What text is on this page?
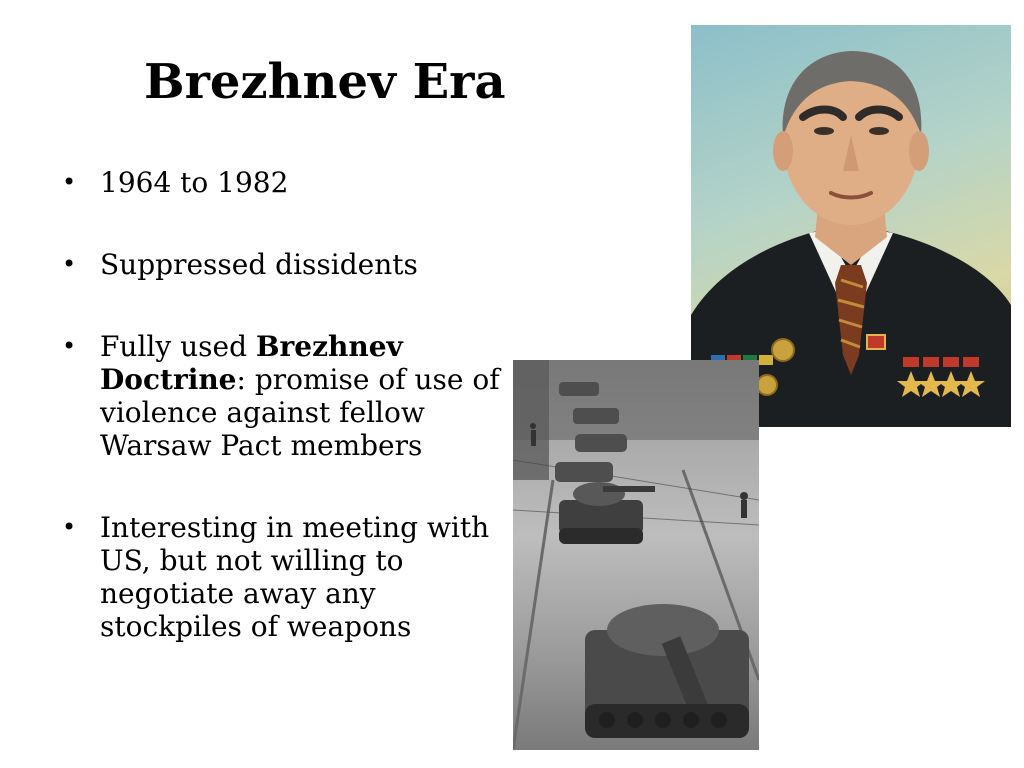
Brezhnev Era
• 1964 to 1982
• Suppressed dissidents
• Fully used Brezhnev Doctrine: promise of use of violence against fellow Warsaw Pact members
• Interesting in meeting with US, but not willing to negotiate away any stockpiles of weapons
